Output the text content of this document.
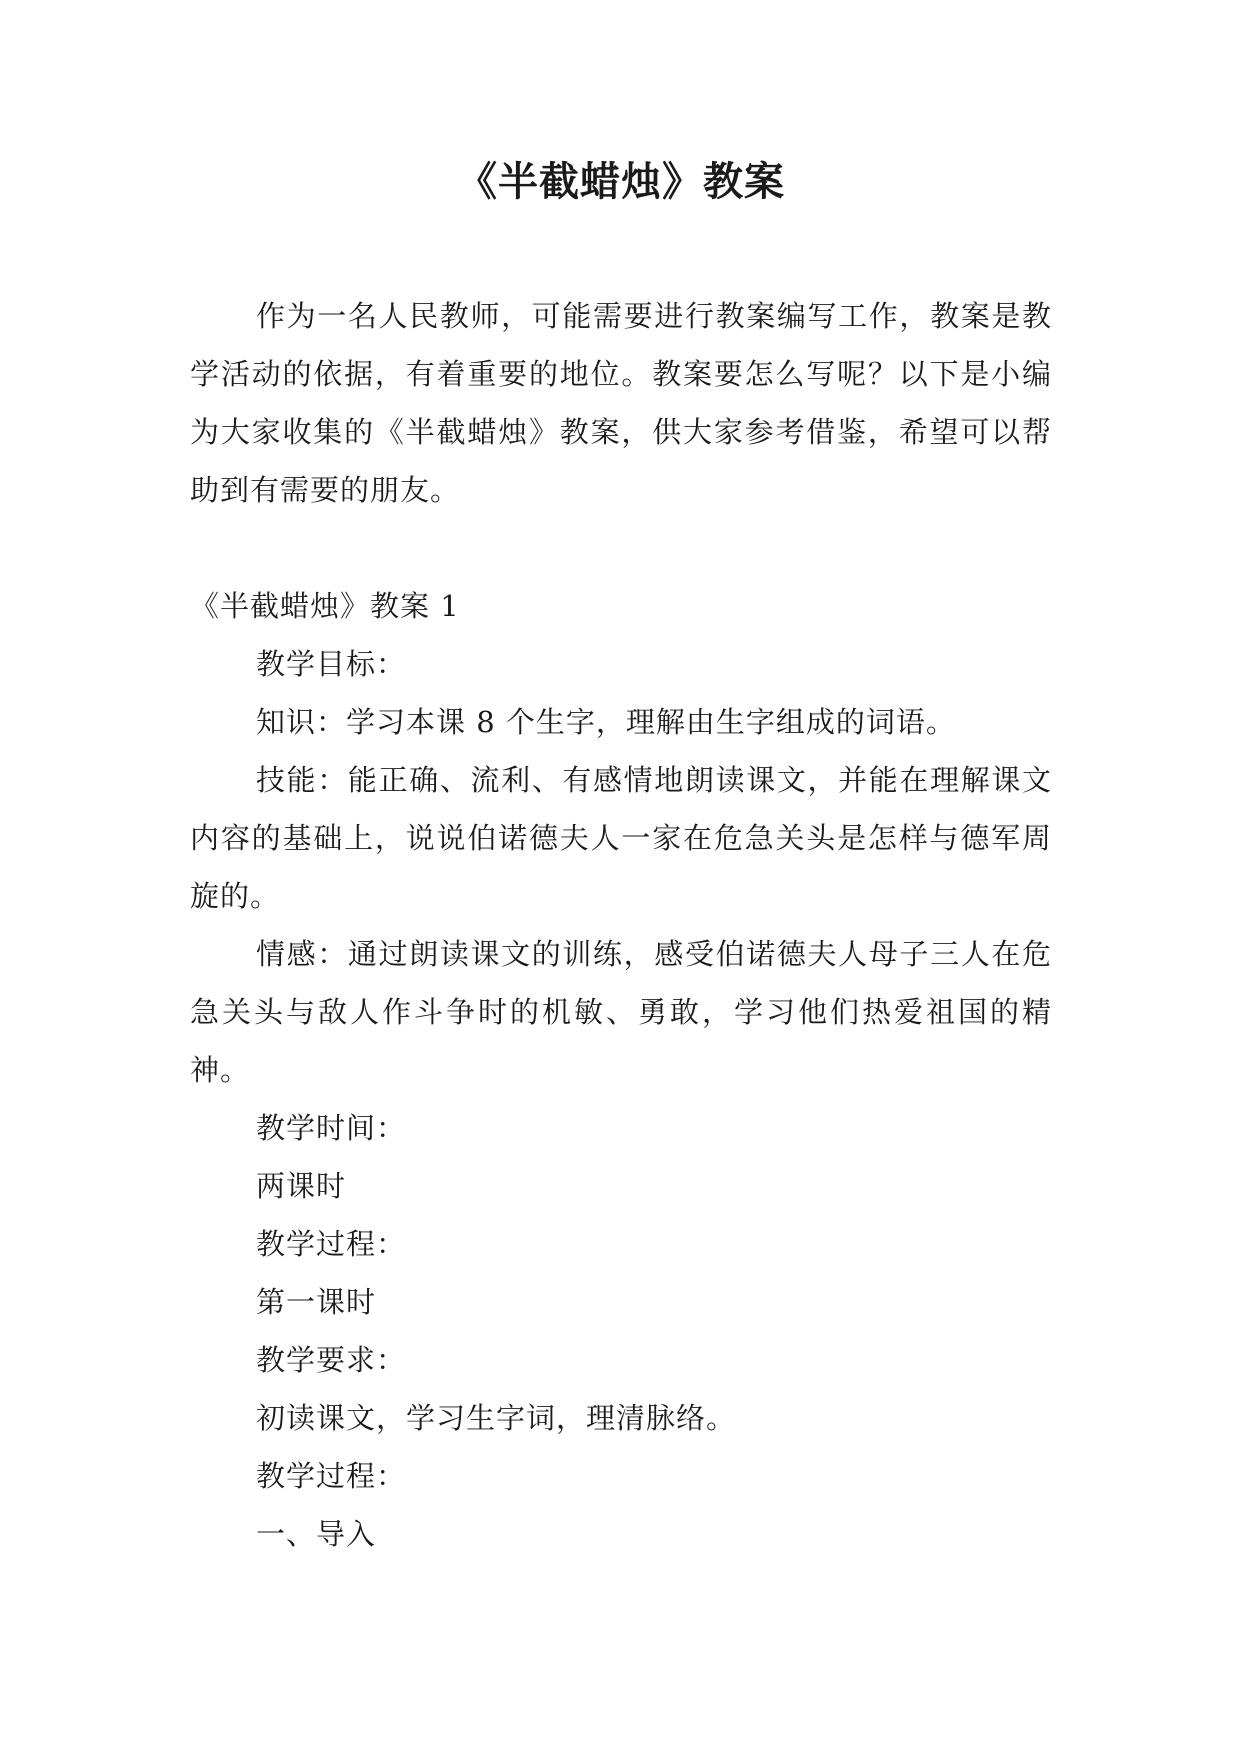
《半截蜡烛》教案

作为一名人民教师，可能需要进行教案编写工作，教案是教学活动的依据，有着重要的地位。教案要怎么写呢？以下是小编为大家收集的《半截蜡烛》教案，供大家参考借鉴，希望可以帮助到有需要的朋友。

《半截蜡烛》教案 1

教学目标：

知识：学习本课 8 个生字，理解由生字组成的词语。

技能：能正确、流利、有感情地朗读课文，并能在理解课文内容的基础上，说说伯诺德夫人一家在危急关头是怎样与德军周旋的。

情感：通过朗读课文的训练，感受伯诺德夫人母子三人在危急关头与敌人作斗争时的机敏、勇敢，学习他们热爱祖国的精神。

教学时间：

两课时

教学过程：

第一课时

教学要求：

初读课文，学习生字词，理清脉络。

教学过程：

一、导入
